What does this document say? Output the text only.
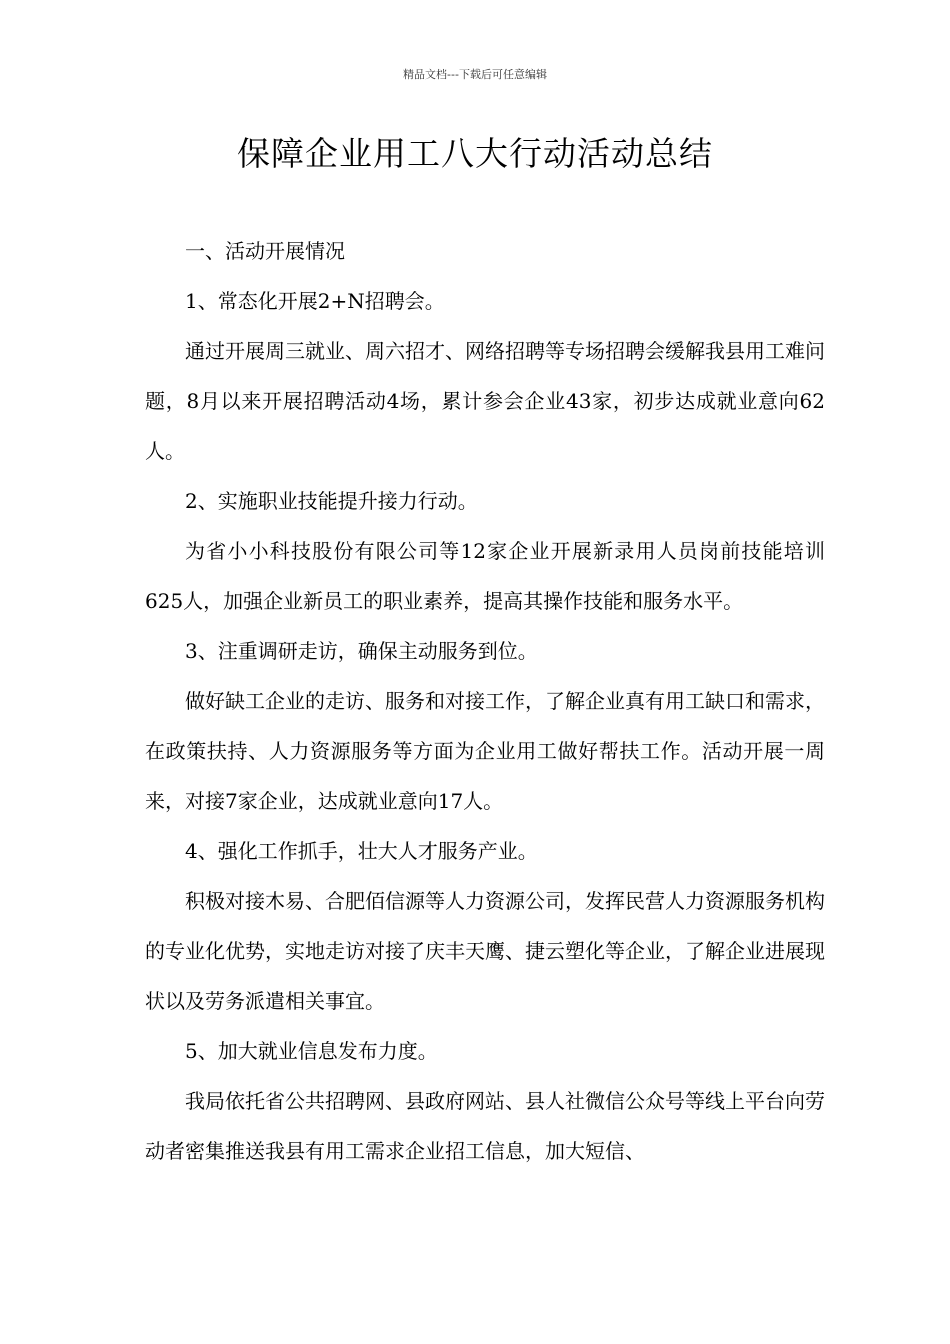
精品文档---下载后可任意编辑
保障企业用工八大行动活动总结

一、活动开展情况

1、常态化开展2+N招聘会。

通过开展周三就业、周六招才、网络招聘等专场招聘会缓解我县用工难问题，8月以来开展招聘活动4场，累计参会企业43家，初步达成就业意向62人。

2、实施职业技能提升接力行动。

为省小小科技股份有限公司等12家企业开展新录用人员岗前技能培训625人，加强企业新员工的职业素养，提高其操作技能和服务水平。

3、注重调研走访，确保主动服务到位。

做好缺工企业的走访、服务和对接工作，了解企业真有用工缺口和需求，在政策扶持、人力资源服务等方面为企业用工做好帮扶工作。活动开展一周来，对接7家企业，达成就业意向17人。

4、强化工作抓手，壮大人才服务产业。

积极对接木易、合肥佰信源等人力资源公司，发挥民营人力资源服务机构的专业化优势，实地走访对接了庆丰天鹰、捷云塑化等企业，了解企业进展现状以及劳务派遣相关事宜。

5、加大就业信息发布力度。

我局依托省公共招聘网、县政府网站、县人社微信公众号等线上平台向劳动者密集推送我县有用工需求企业招工信息，加大短信、
